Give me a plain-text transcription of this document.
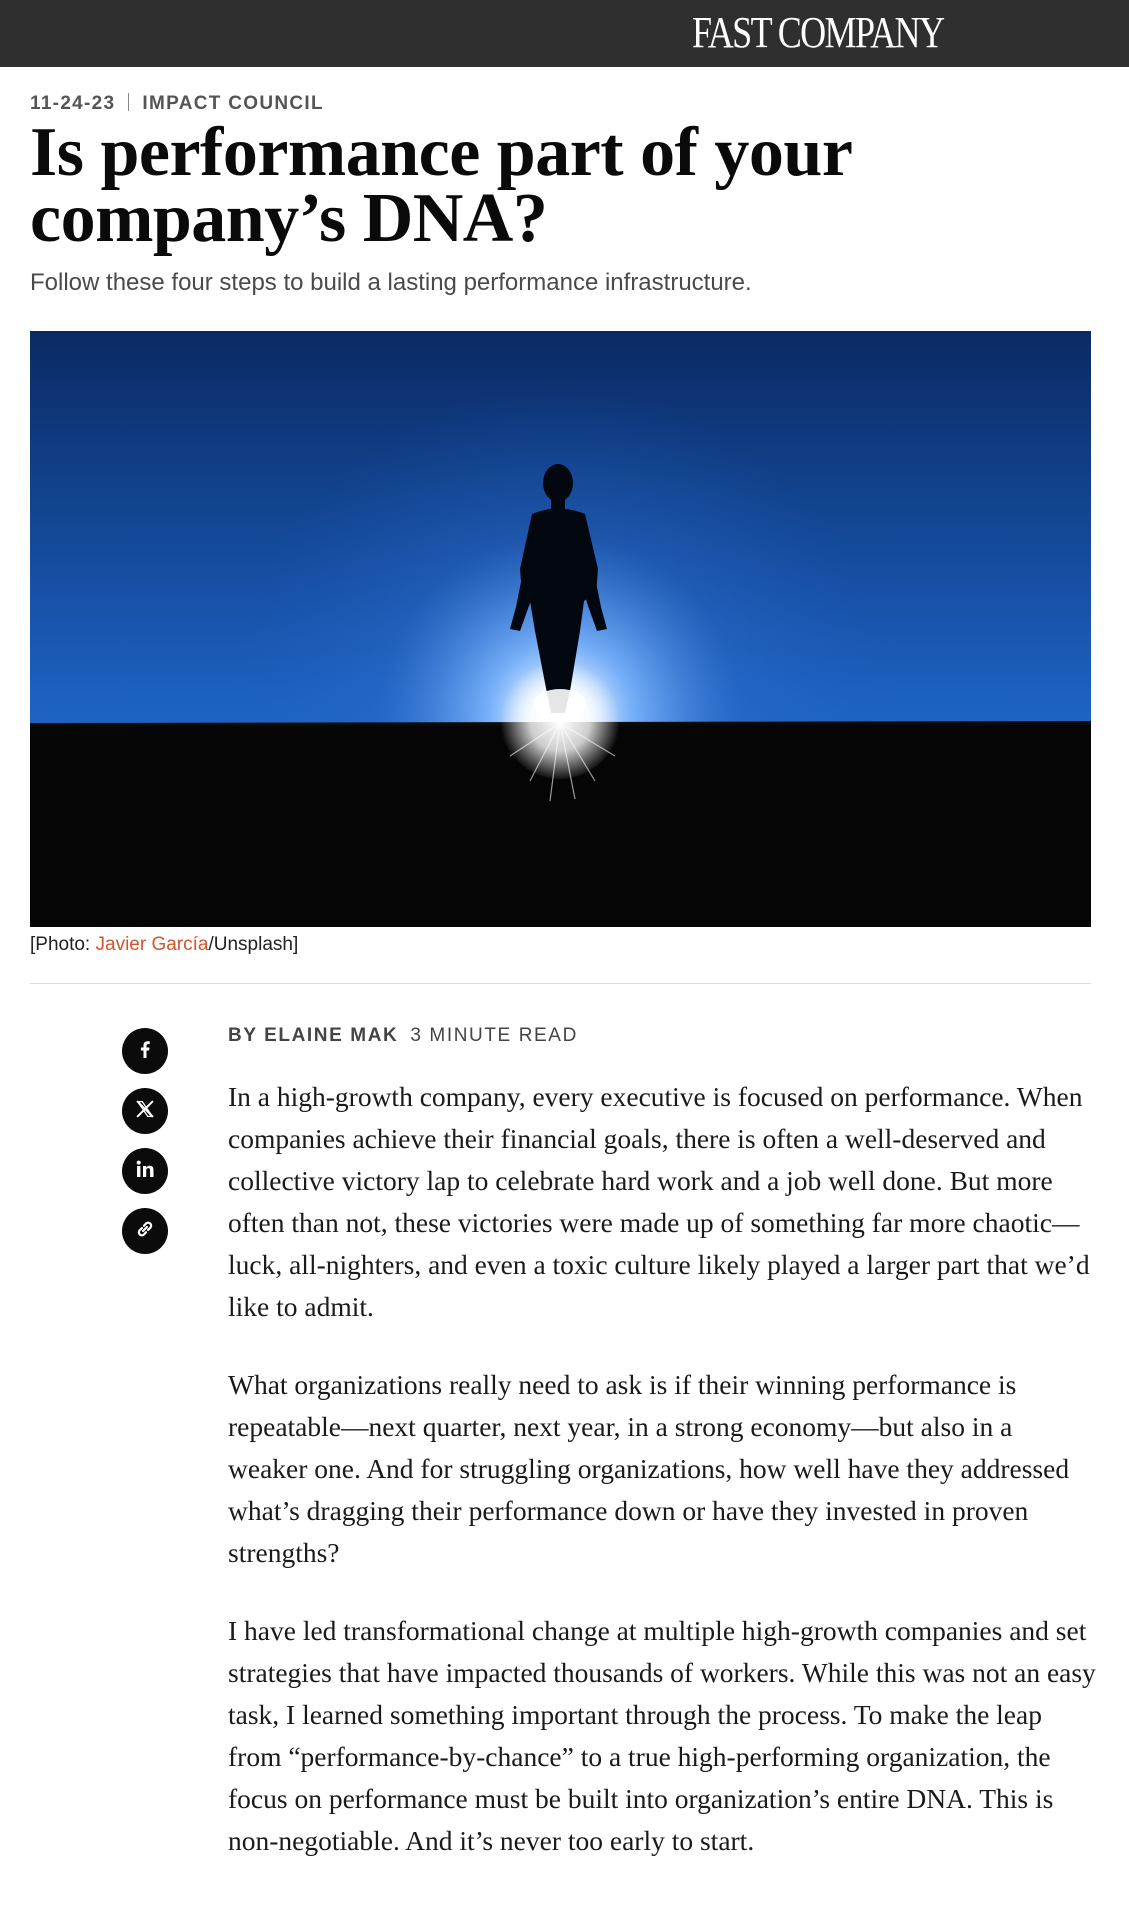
FAST COMPANY
11-24-23 IMPACT COUNCIL
Is performance part of your company’s DNA?
Follow these four steps to build a lasting performance infrastructure.
[Photo: Javier García/Unsplash]
BY ELAINE MAK 3 MINUTE READ

In a high-growth company, every executive is focused on performance. When companies achieve their financial goals, there is often a well-deserved and collective victory lap to celebrate hard work and a job well done. But more often than not, these victories were made up of something far more chaotic—luck, all-nighters, and even a toxic culture likely played a larger part that we’d like to admit.

What organizations really need to ask is if their winning performance is repeatable—next quarter, next year, in a strong economy—but also in a weaker one. And for struggling organizations, how well have they addressed what’s dragging their performance down or have they invested in proven strengths?

I have led transformational change at multiple high-growth companies and set strategies that have impacted thousands of workers. While this was not an easy task, I learned something important through the process. To make the leap from “performance-by-chance” to a true high-performing organization, the focus on performance must be built into organization’s entire DNA. This is non-negotiable. And it’s never too early to start.
